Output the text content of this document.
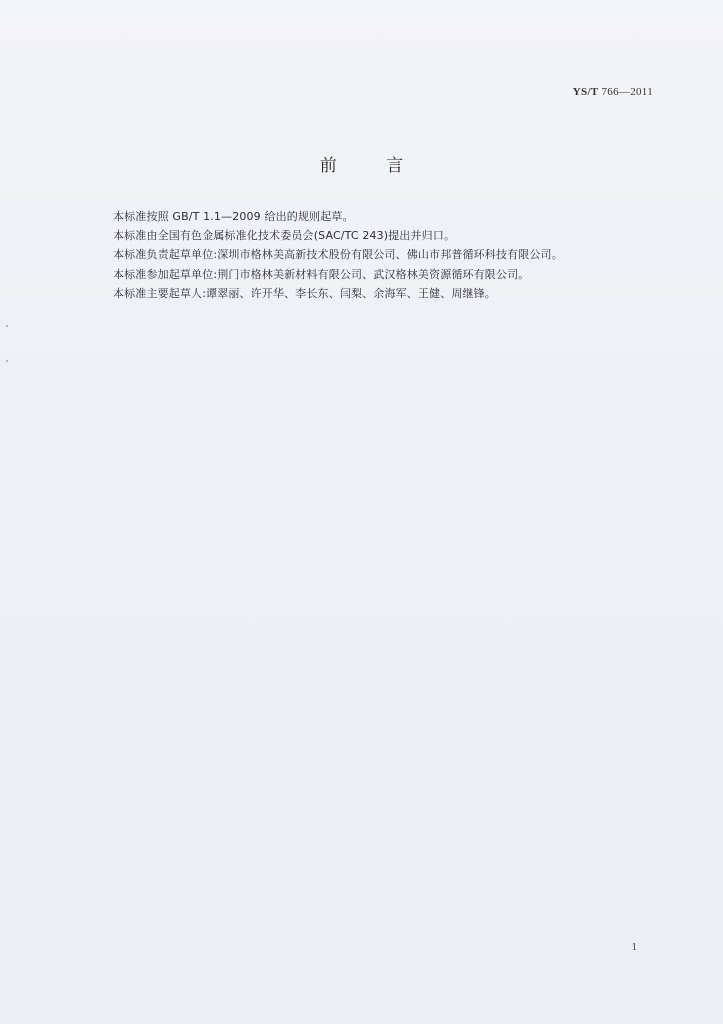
YS/T 766—2011
前	言
本标准按照 GB/T 1.1—2009 给出的规则起草。
本标准由全国有色金属标准化技术委员会(SAC/TC 243)提出并归口。
本标准负责起草单位:深圳市格林美高新技术股份有限公司、佛山市邦普循环科技有限公司。
本标准参加起草单位:荆门市格林美新材料有限公司、武汉格林美资源循环有限公司。
本标准主要起草人:谭翠丽、许开华、李长东、闫梨、余海军、王健、周继锋。
1
